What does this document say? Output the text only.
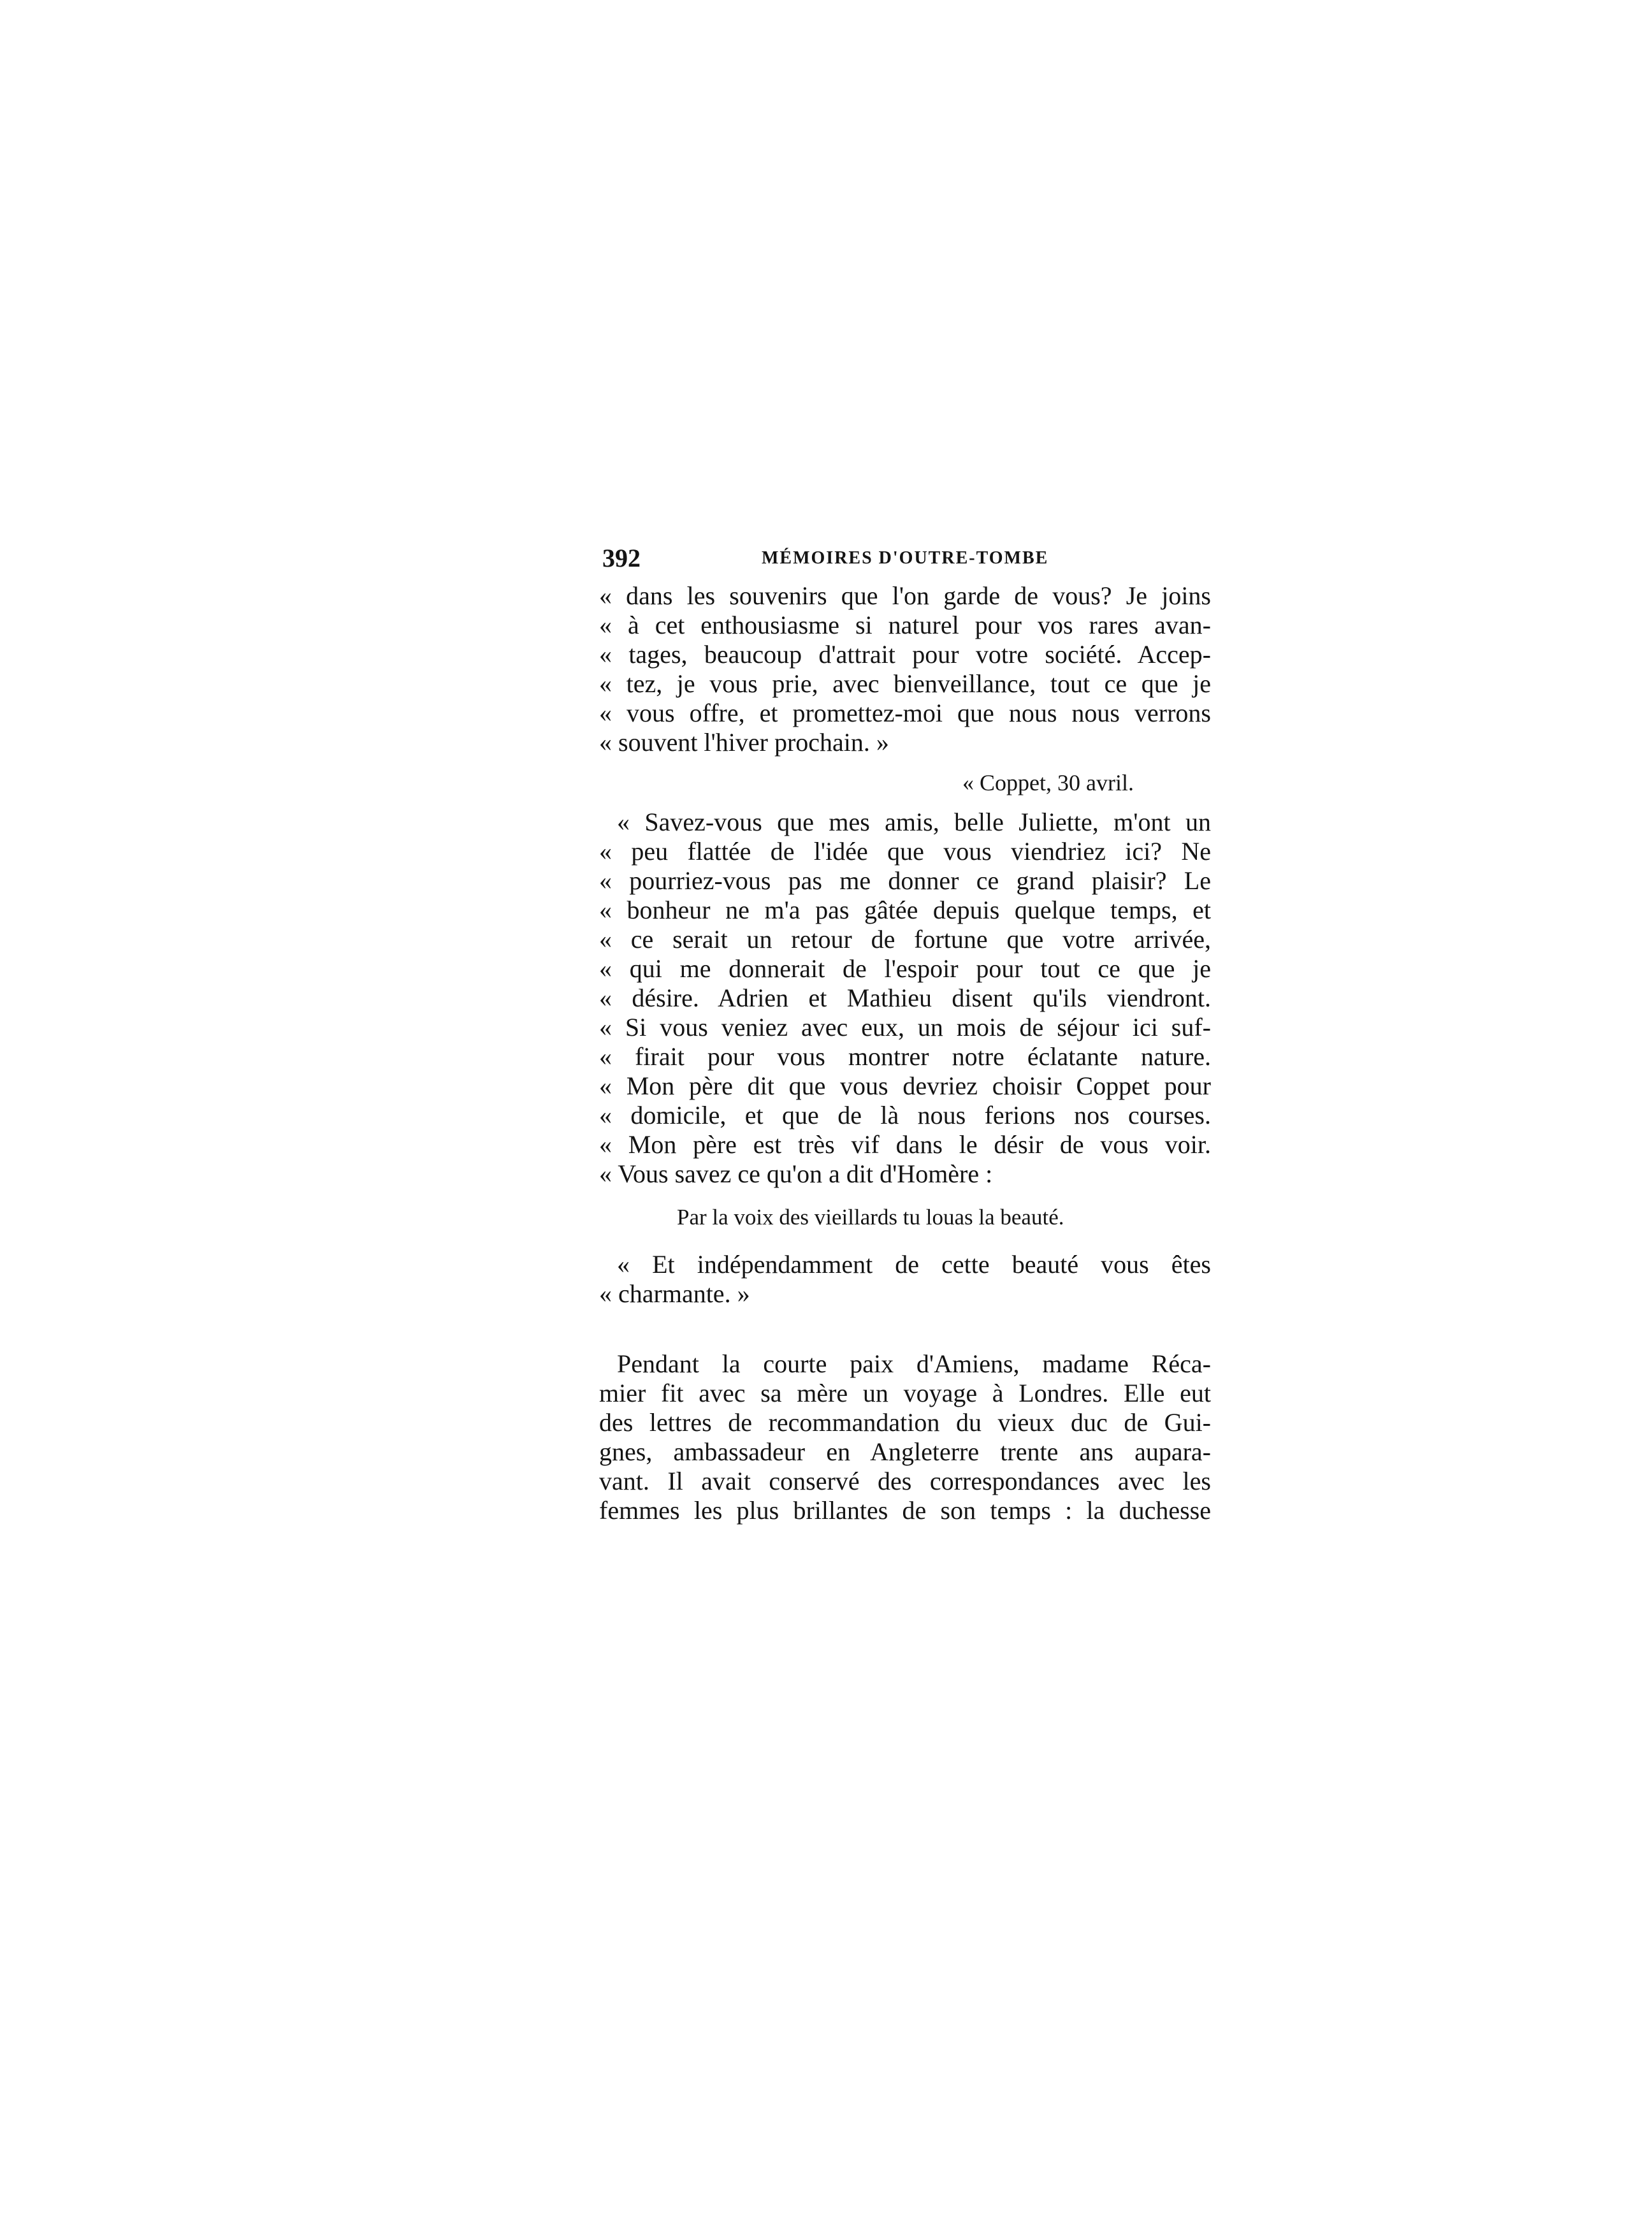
392	MÉMOIRES D'OUTRE-TOMBE
« dans les souvenirs que l'on garde de vous? Je joins
« à cet enthousiasme si naturel pour vos rares avan-
« tages, beaucoup d'attrait pour votre société. Accep-
« tez, je vous prie, avec bienveillance, tout ce que je
« vous offre, et promettez-moi que nous nous verrons
« souvent l'hiver prochain. »
« Coppet, 30 avril.
« Savez-vous que mes amis, belle Juliette, m'ont un
« peu flattée de l'idée que vous viendriez ici? Ne
« pourriez-vous pas me donner ce grand plaisir? Le
« bonheur ne m'a pas gâtée depuis quelque temps, et
« ce serait un retour de fortune que votre arrivée,
« qui me donnerait de l'espoir pour tout ce que je
« désire. Adrien et Mathieu disent qu'ils viendront.
« Si vous veniez avec eux, un mois de séjour ici suf-
« firait pour vous montrer notre éclatante nature.
« Mon père dit que vous devriez choisir Coppet pour
« domicile, et que de là nous ferions nos courses.
« Mon père est très vif dans le désir de vous voir.
« Vous savez ce qu'on a dit d'Homère :
Par la voix des vieillards tu louas la beauté.
« Et indépendamment de cette beauté vous êtes
« charmante. »
Pendant la courte paix d'Amiens, madame Réca-
mier fit avec sa mère un voyage à Londres. Elle eut
des lettres de recommandation du vieux duc de Gui-
gnes, ambassadeur en Angleterre trente ans aupara-
vant. Il avait conservé des correspondances avec les
femmes les plus brillantes de son temps : la duchesse
